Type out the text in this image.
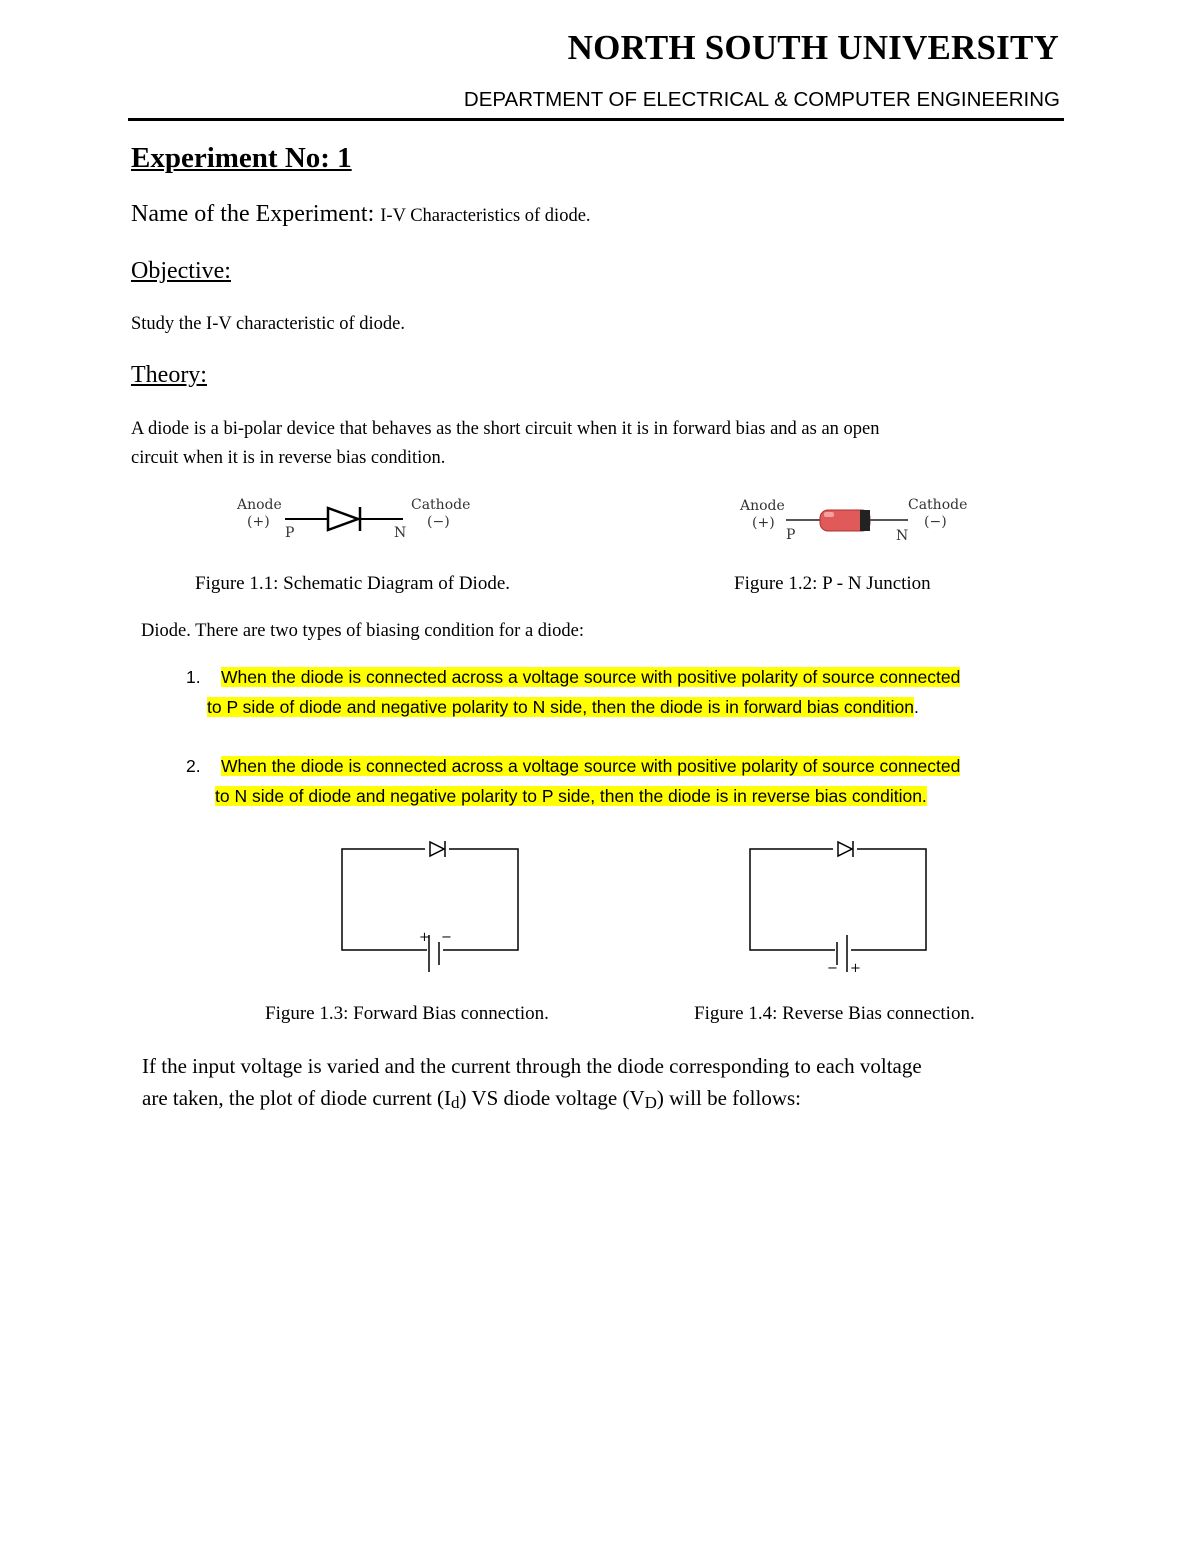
NORTH SOUTH UNIVERSITY
DEPARTMENT OF ELECTRICAL & COMPUTER ENGINEERING
Experiment No: 1
Name of the Experiment: I-V Characteristics of diode.
Objective:
Study the I-V characteristic of diode.
Theory:
A diode is a bi-polar device that behaves as the short circuit when it is in forward bias and as an open
circuit when it is in reverse bias condition.
Anode
(+)
Cathode
(−)
P	N
Anode
(+)
Cathode
(−)
P	N
Figure 1.1: Schematic Diagram of Diode.	Figure 1.2: P - N Junction
Diode. There are two types of biasing condition for a diode:
1. When the diode is connected across a voltage source with positive polarity of source connected
to P side of diode and negative polarity to N side, then the diode is in forward bias condition.
2. When the diode is connected across a voltage source with positive polarity of source connected
to N side of diode and negative polarity to P side, then the diode is in reverse bias condition.
+ −
− +
Figure 1.3: Forward Bias connection.	Figure 1.4: Reverse Bias connection.
If the input voltage is varied and the current through the diode corresponding to each voltage
are taken, the plot of diode current $(I_d)$ VS diode voltage $(V_D)$ will be follows:
